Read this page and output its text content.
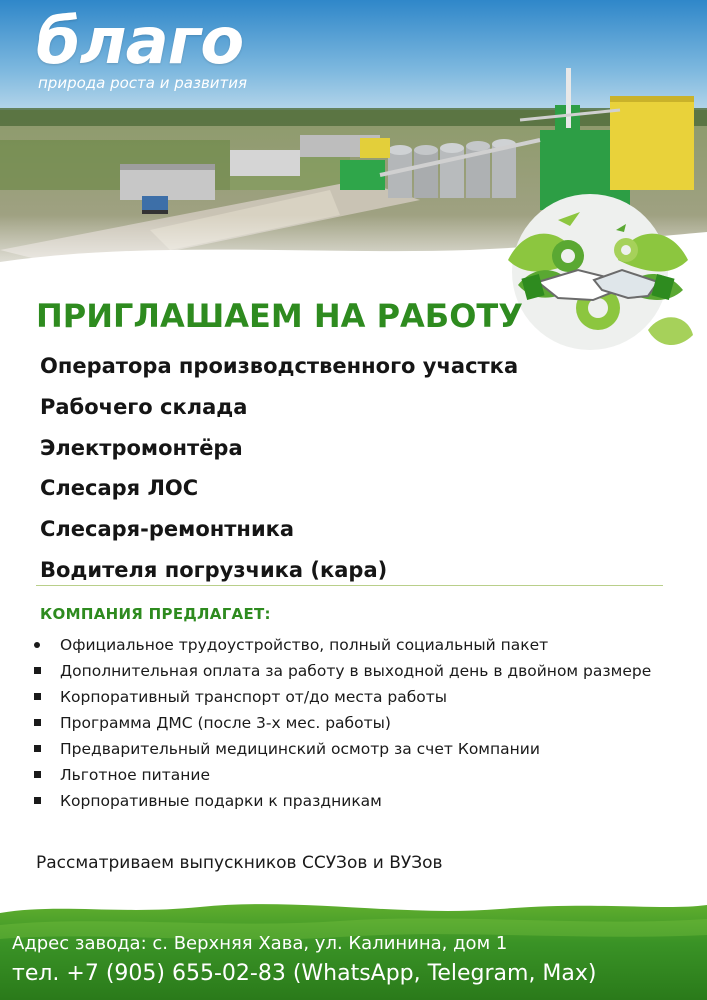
благо
природа роста и развития
ПРИГЛАШАЕМ НА РАБОТУ
Оператора производственного участка
Рабочего склада
Электромонтёра
Слесаря ЛОС
Слесаря-ремонтника
Водителя погрузчика (кара)
КОМПАНИЯ ПРЕДЛАГАЕТ:
Официальное трудоустройство, полный социальный пакет
Дополнительная оплата за работу в выходной день в двойном размере
Корпоративный транспорт от/до места работы
Программа ДМС (после 3-х мес. работы)
Предварительный медицинский осмотр за счет Компании
Льготное питание
Корпоративные подарки к праздникам
Рассматриваем выпускников ССУЗов и ВУЗов
Адрес завода: с. Верхняя Хава, ул. Калинина, дом 1
тел. +7 (905) 655-02-83 (WhatsApp, Telegram, Max)
